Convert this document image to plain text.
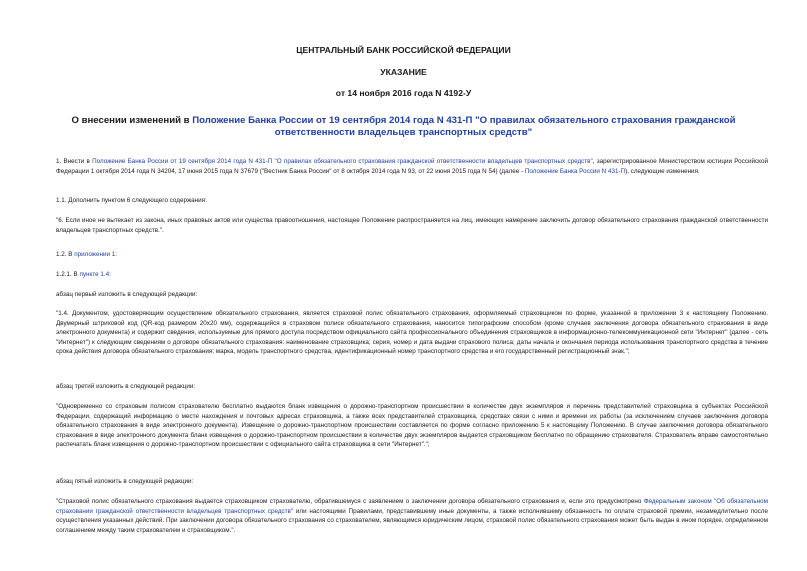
ЦЕНТРАЛЬНЫЙ БАНК РОССИЙСКОЙ ФЕДЕРАЦИИ
УКАЗАНИЕ
от 14 ноября 2016 года N 4192-У
О внесении изменений в Положение Банка России от 19 сентября 2014 года N 431-П "О правилах обязательного страхования гражданской ответственности владельцев транспортных средств"
1. Внести в Положение Банка России от 19 сентября 2014 года N 431-П "О правилах обязательного страхования гражданской ответственности владельцев транспортных средств", зарегистрированное Министерством юстиции Российской Федерации 1 октября 2014 года N 34204, 17 июня 2015 года N 37679 ("Вестник Банка России" от 8 октября 2014 года N 93, от 22 июня 2015 года N 54) (далее - Положение Банка России N 431-П), следующие изменения.
1.1. Дополнить пунктом 6 следующего содержания:
"6. Если иное не вытекает из закона, иных правовых актов или существа правоотношения, настоящее Положение распространяется на лиц, имеющих намерение заключить договор обязательного страхования гражданской ответственности владельцев транспортных средств.".
1.2. В приложении 1:
1.2.1. В пункте 1.4:
абзац первый изложить в следующей редакции:
"1.4. Документом, удостоверяющим осуществление обязательного страхования, является страховой полис обязательного страхования, оформляемый страховщиком по форме, указанной в приложении 3 к настоящему Положению. Двумерный штриховой код (QR-код размером 20x20 мм), содержащийся в страховом полисе обязательного страхования, наносится типографским способом (кроме случаев заключения договора обязательного страхования в виде электронного документа) и содержит сведения, используемые для прямого доступа посредством официального сайта профессионального объединения страховщиков в информационно-телекоммуникационной сети "Интернет" (далее - сеть "Интернет") к следующим сведениям о договоре обязательного страхования: наименование страховщика; серия, номер и дата выдачи страхового полиса; даты начала и окончания периода использования транспортного средства в течение срока действия договора обязательного страхования; марка, модель транспортного средства, идентификационный номер транспортного средства и его государственный регистрационный знак.";
абзац третий изложить в следующей редакции:
"Одновременно со страховым полисом страхователю бесплатно выдаются бланк извещения о дорожно-транспортном происшествии в количестве двух экземпляров и перечень представителей страховщика в субъектах Российской Федерации, содержащий информацию о месте нахождения и почтовых адресах страховщика, а также всех представителей страховщика, средствах связи с ними и времени их работы (за исключением случаев заключения договора обязательного страхования в виде электронного документа). Извещение о дорожно-транспортном происшествии составляется по форме согласно приложению 5 к настоящему Положению. В случае заключения договора обязательного страхования в виде электронного документа бланк извещения о дорожно-транспортном происшествии в количестве двух экземпляров выдается страховщиком бесплатно по обращению страхователя. Страхователь вправе самостоятельно распечатать бланк извещения о дорожно-транспортном происшествии с официального сайта страховщика в сети "Интернет".";
абзац пятый изложить в следующей редакции:
"Страховой полис обязательного страхования выдается страховщиком страхователю, обратившемуся с заявлением о заключении договора обязательного страхования и, если это предусмотрено Федеральным законом "Об обязательном страховании гражданской ответственности владельцев транспортных средств" или настоящими Правилами, представившему иные документы, а также исполнившему обязанность по оплате страховой премии, незамедлительно после осуществления указанных действий. При заключении договора обязательного страхования со страхователем, являющимся юридическим лицом, страховой полис обязательного страхования может быть выдан в ином порядке, определенном соглашением между таким страхователем и страховщиком.".
